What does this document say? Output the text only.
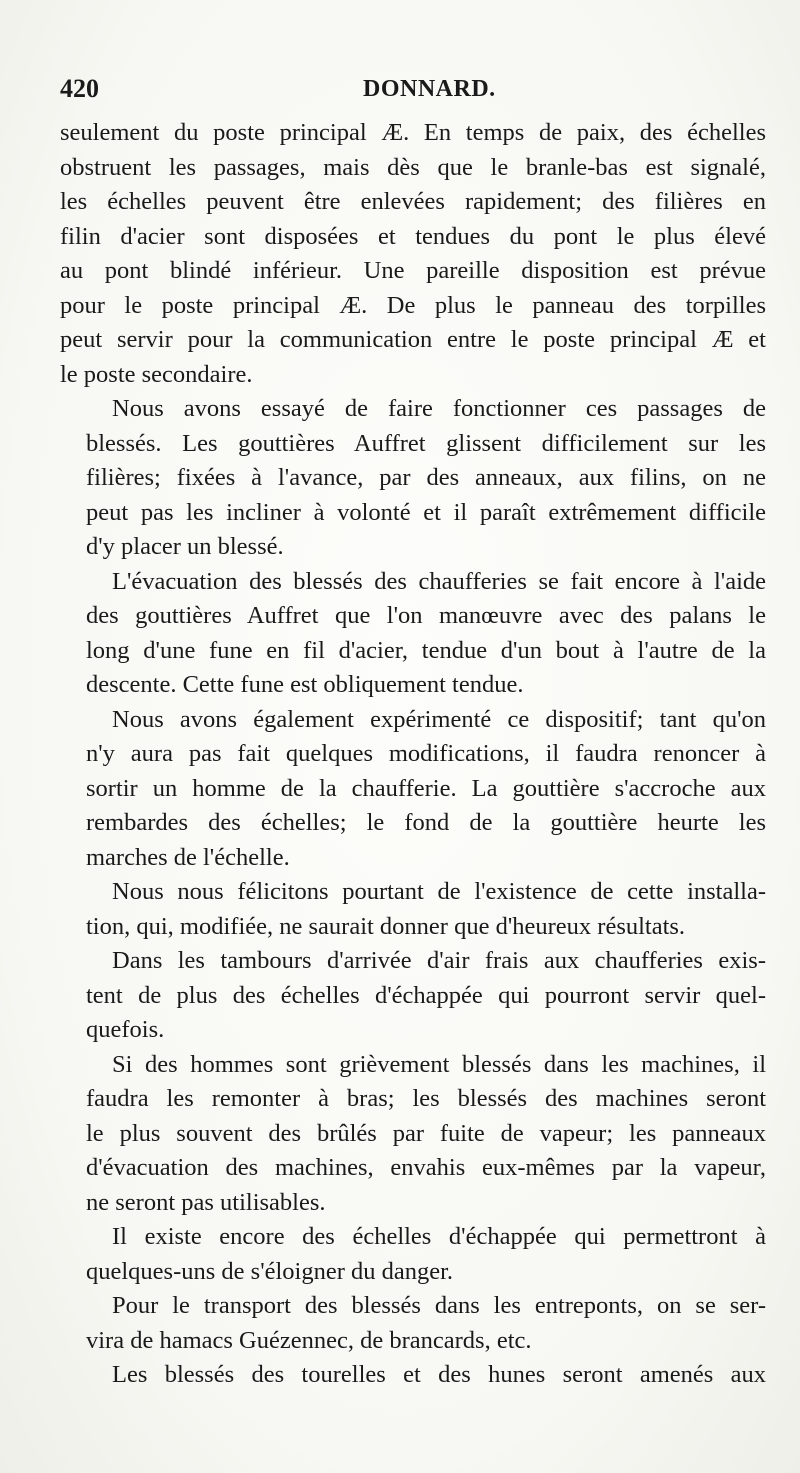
420	DONNARD.
seulement du poste principal Æ. En temps de paix, des échelles
obstruent les passages, mais dès que le branle-bas est signalé,
les échelles peuvent être enlevées rapidement; des filières en
filin d'acier sont disposées et tendues du pont le plus élevé
au pont blindé inférieur. Une pareille disposition est prévue
pour le poste principal Æ. De plus le panneau des torpilles
peut servir pour la communication entre le poste principal Æ et
le poste secondaire.
Nous avons essayé de faire fonctionner ces passages de
blessés. Les gouttières Auffret glissent difficilement sur les
filières; fixées à l'avance, par des anneaux, aux filins, on ne
peut pas les incliner à volonté et il paraît extrêmement difficile
d'y placer un blessé.
L'évacuation des blessés des chaufferies se fait encore à l'aide
des gouttières Auffret que l'on manœuvre avec des palans le
long d'une fune en fil d'acier, tendue d'un bout à l'autre de la
descente. Cette fune est obliquement tendue.
Nous avons également expérimenté ce dispositif; tant qu'on
n'y aura pas fait quelques modifications, il faudra renoncer à
sortir un homme de la chaufferie. La gouttière s'accroche aux
rembardes des échelles; le fond de la gouttière heurte les
marches de l'échelle.
Nous nous félicitons pourtant de l'existence de cette installa-
tion, qui, modifiée, ne saurait donner que d'heureux résultats.
Dans les tambours d'arrivée d'air frais aux chaufferies exis-
tent de plus des échelles d'échappée qui pourront servir quel-
quefois.
Si des hommes sont grièvement blessés dans les machines, il
faudra les remonter à bras; les blessés des machines seront
le plus souvent des brûlés par fuite de vapeur; les panneaux
d'évacuation des machines, envahis eux-mêmes par la vapeur,
ne seront pas utilisables.
Il existe encore des échelles d'échappée qui permettront à
quelques-uns de s'éloigner du danger.
Pour le transport des blessés dans les entreponts, on se ser-
vira de hamacs Guézennec, de brancards, etc.
Les blessés des tourelles et des hunes seront amenés aux
